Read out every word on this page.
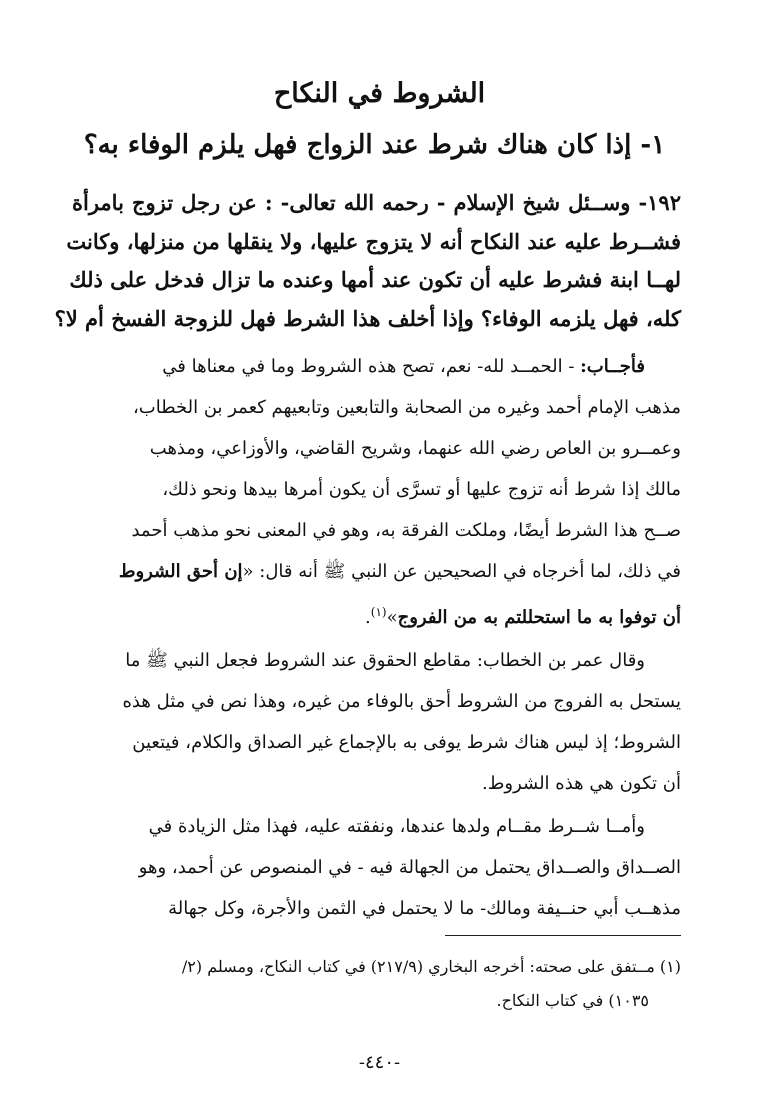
الشروط في النكاح
١- إذا كان هناك شرط عند الزواج فهل يلزم الوفاء به؟

١٩٢- وســئل شيخ الإسلام - رحمه الله تعالى- : عن رجل تزوج بامرأة

فشــرط عليه عند النكاح أنه لا يتزوج عليها، ولا ينقلها من منزلها، وكانت

لهــا ابنة فشرط عليه أن تكون عند أمها وعنده ما تزال فدخل على ذلك

كله، فهل يلزمه الوفاء؟ وإذا أخلف هذا الشرط فهل للزوجة الفسخ أم لا؟

  فأجــاب: - الحمــد لله- نعم، تصح هذه الشروط وما في معناها في

مذهب الإمام أحمد وغيره من الصحابة والتابعين وتابعيهم كعمر بن الخطاب،

وعمــرو بن العاص رضي الله عنهما، وشريح القاضي، والأوزاعي، ومذهب

مالك إذا شرط أنه تزوج عليها أو تسرَّى أن يكون أمرها بيدها ونحو ذلك،

صــح هذا الشرط أيضًا، وملكت الفرقة به، وهو في المعنى نحو مذهب أحمد

في ذلك، لما أخرجاه في الصحيحين عن النبي ﷺ أنه قال: «إن أحق الشروط

أن توفوا به ما استحللتم به من الفروج»$^{(١)}$.

  وقال عمر بن الخطاب: مقاطع الحقوق عند الشروط فجعل النبي ﷺ ما

يستحل به الفروج من الشروط أحق بالوفاء من غيره، وهذا نص في مثل هذه

الشروط؛ إذ ليس هناك شرط يوفى به بالإجماع غير الصداق والكلام، فيتعين

أن تكون هي هذه الشروط.

  وأمــا شــرط مقــام ولدها عندها، ونفقته عليه، فهذا مثل الزيادة في

الصــداق والصــداق يحتمل من الجهالة فيه - في المنصوص عن أحمد، وهو

مذهــب أبي حنــيفة ومالك- ما لا يحتمل في الثمن والأجرة، وكل جهالة

(١) مــتفق على صحته: أخرجه البخاري (٢١٧/٩) في كتاب النكاح، ومسلم (٢/

  ١٠٣٥) في كتاب النكاح.

-٤٤٠-
